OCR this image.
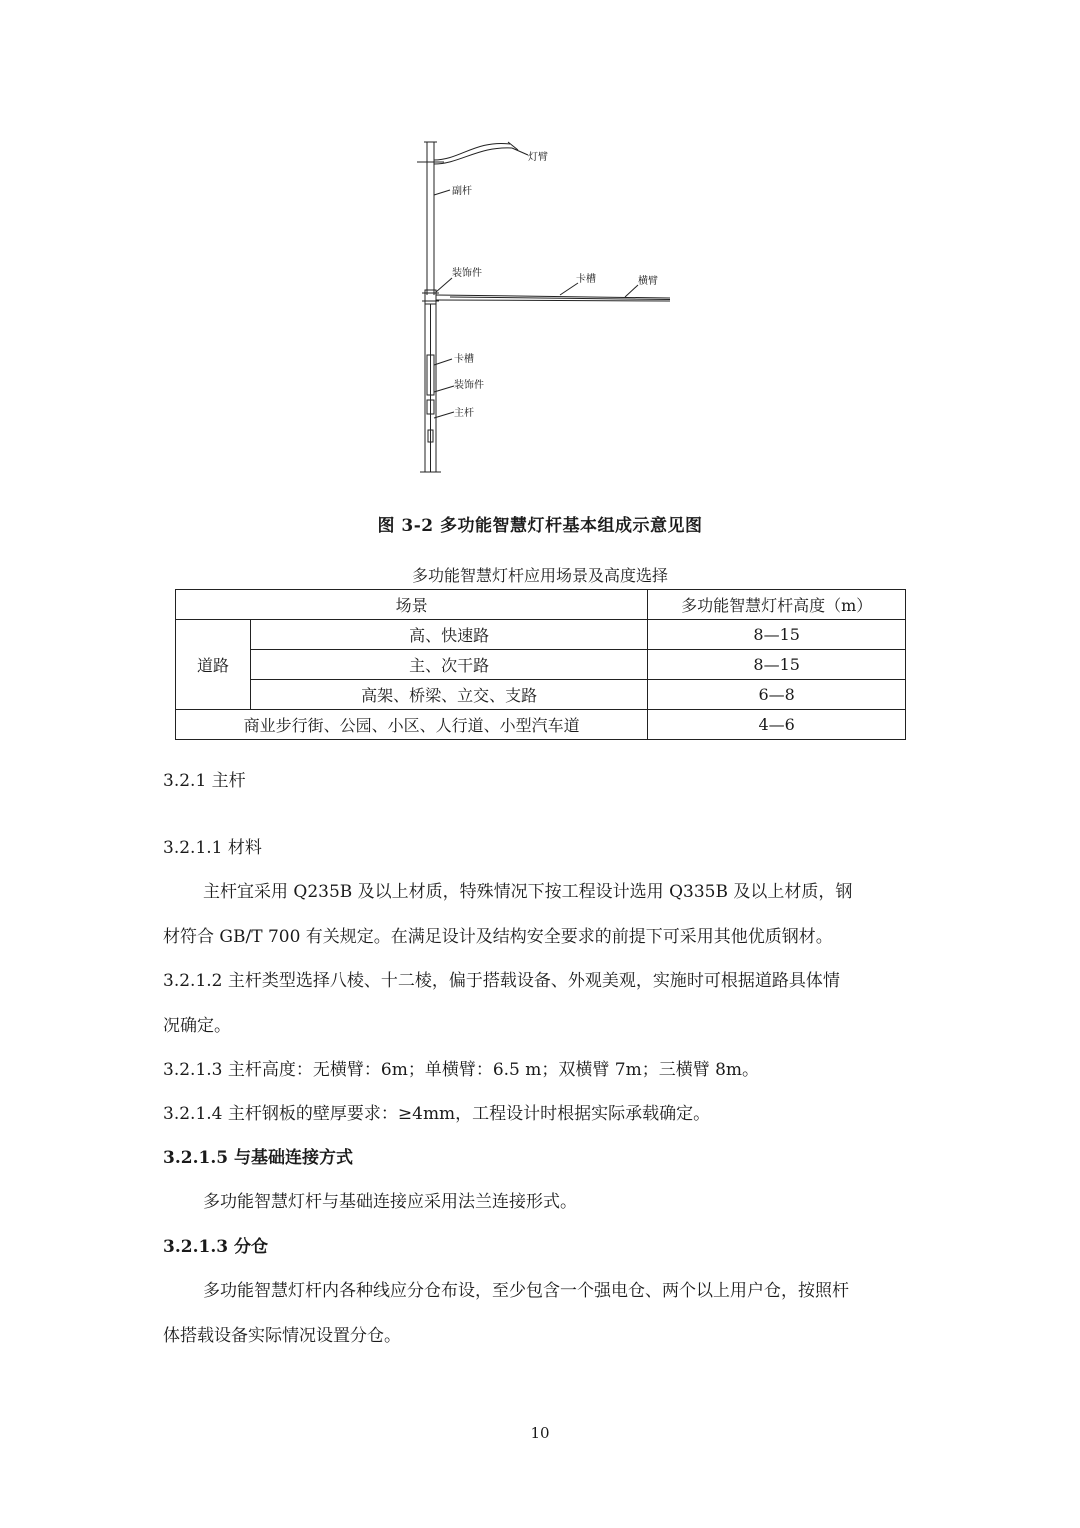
灯臂
副杆
装饰件
卡槽	横臂
卡槽
装饰件
主杆
图 3-2 多功能智慧灯杆基本组成示意见图
多功能智慧灯杆应用场景及高度选择
场景		多功能智慧灯杆高度（m）
道路	高、快速路	8—15
	主、次干路	8—15
	高架、桥梁、立交、支路	6—8
商业步行街、公园、小区、人行道、小型汽车道		4—6
3.2.1 主杆
3.2.1.1 材料
主杆宜采用 Q235B 及以上材质，特殊情况下按工程设计选用 Q335B 及以上材质，钢
材符合 GB/T 700 有关规定。在满足设计及结构安全要求的前提下可采用其他优质钢材。
3.2.1.2 主杆类型选择八棱、十二棱，偏于搭载设备、外观美观，实施时可根据道路具体情
况确定。
3.2.1.3 主杆高度：无横臂：6m；单横臂：6.5 m；双横臂 7m；三横臂 8m。
3.2.1.4 主杆钢板的壁厚要求：≥4mm，工程设计时根据实际承载确定。
3.2.1.5 与基础连接方式
多功能智慧灯杆与基础连接应采用法兰连接形式。
3.2.1.3 分仓
多功能智慧灯杆内各种线应分仓布设，至少包含一个强电仓、两个以上用户仓，按照杆
体搭载设备实际情况设置分仓。
10
